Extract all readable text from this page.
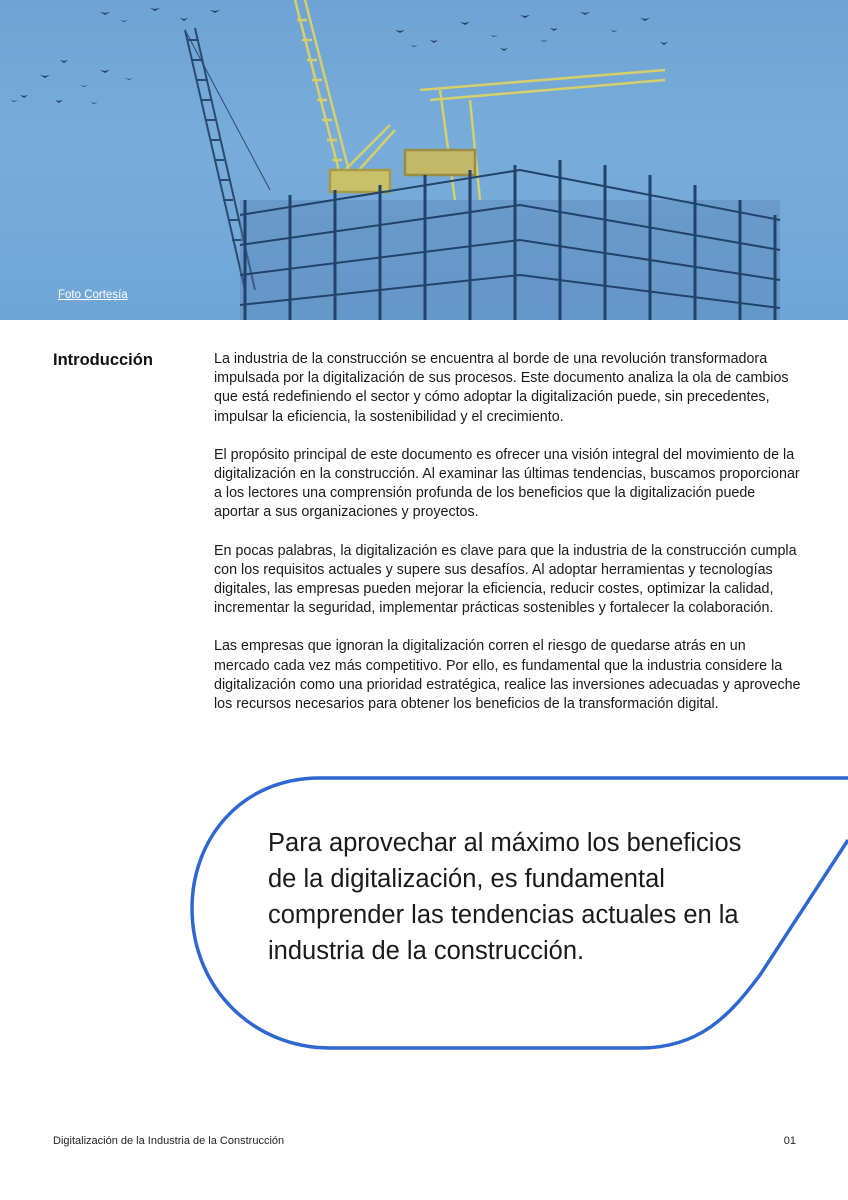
Foto Cortesía
Introducción	La industria de la construcción se encuentra al borde de una revolución transformadora impulsada por la digitalización de sus procesos. Este documento analiza la ola de cambios que está redefiniendo el sector y cómo adoptar la digitalización puede, sin precedentes, impulsar la eficiencia, la sostenibilidad y el crecimiento.

El propósito principal de este documento es ofrecer una visión integral del movimiento de la digitalización en la construcción. Al examinar las últimas tendencias, buscamos proporcionar a los lectores una comprensión profunda de los beneficios que la digitalización puede aportar a sus organizaciones y proyectos.

En pocas palabras, la digitalización es clave para que la industria de la construcción cumpla con los requisitos actuales y supere sus desafíos. Al adoptar herramientas y tecnologías digitales, las empresas pueden mejorar la eficiencia, reducir costes, optimizar la calidad, incrementar la seguridad, implementar prácticas sostenibles y fortalecer la colaboración.

Las empresas que ignoran la digitalización corren el riesgo de quedarse atrás en un mercado cada vez más competitivo. Por ello, es fundamental que la industria considere la digitalización como una prioridad estratégica, realice las inversiones adecuadas y aproveche los recursos necesarios para obtener los beneficios de la transformación digital.

Para aprovechar al máximo los beneficios de la digitalización, es fundamental comprender las tendencias actuales en la industria de la construcción.
Digitalización de la Industria de la Construcción	01
